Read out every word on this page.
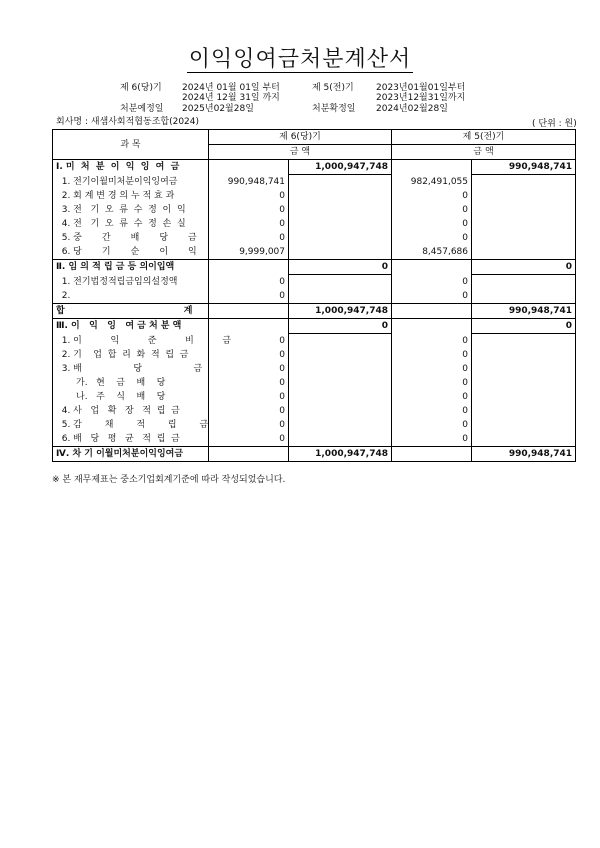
이익잉여금처분계산서
제 6(당)기 2024년 01월 01일 부터
2024년 12월 31일 까지
처분예정일 2025년02월28일
제 5(전)기 2023년01월01일부터
2023년12월31일까지
처분확정일 2024년02월28일
회사명 : 새샘사회적협동조합(2024)	( 단위 : 원)
과 목	제 6(당)기		제 5(전)기	
	금 액		금 액	
Ⅰ. 미  처  분  이  익  잉  여  금		1,000,947,748		990,948,741
1. 전기이월미처분이익잉여금	990,948,741		982,491,055	
2. 회 계 변 경 의 누 적 효 과	0		0	
3. 전   기  오  류  수  정  이  익	0		0	
4. 전   기  오  류  수  정  손  실	0		0	
5. 중       간       배       당       금	0		0	
6. 당       기       순       이       익	9,999,007		8,457,686	
Ⅱ. 임 의 적 립 금 등 의이입액		0		0
1. 전기법정적립금임의설정액	0		0	
2.	0		0	
합                                      계		1,000,947,748		990,948,741
Ⅲ. 이   익   잉   여 금 처 분 액		0		0
1. 이          익          준          비          금	0		0	
2. 기    업  합  리  화  적  립  금	0		0	
3. 배                  당                  금	0		0	
가.   현    금    배    당	0		0	
나.   주    식    배    당	0		0	
4. 사   업   확   장   적  립  금	0		0	
5. 감        채        적        립        금	0		0	
6. 배   당   평   균   적  립  금	0		0	
Ⅳ. 차 기 이월미처분이익잉여금		1,000,947,748		990,948,741
※ 본 재무제표는 중소기업회계기준에 따라 작성되었습니다.
